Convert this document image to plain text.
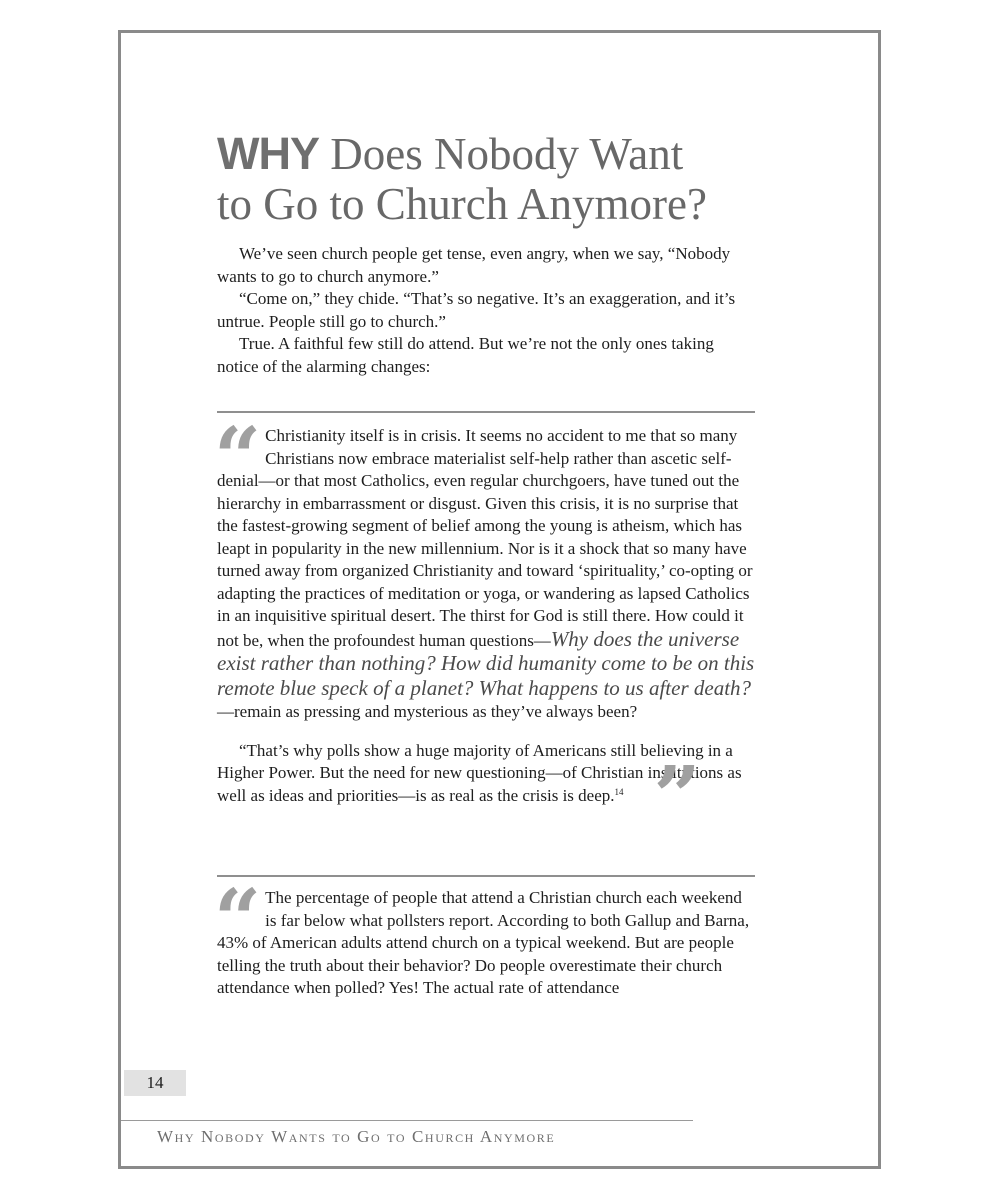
WHY Does Nobody Want
to Go to Church Anymore?

We’ve seen church people get tense, even angry, when we say, “Nobody wants to go to church anymore.”

“Come on,” they chide. “That’s so negative. It’s an exaggeration, and it’s untrue. People still go to church.”

True. A faithful few still do attend. But we’re not the only ones taking notice of the alarming changes:

“ Christianity itself is in crisis. It seems no accident to me that so many Christians now embrace materialist self-help rather than ascetic self-denial—or that most Catholics, even regular churchgoers, have tuned out the hierarchy in embarrassment or disgust. Given this crisis, it is no surprise that the fastest-growing segment of belief among the young is atheism, which has leapt in popularity in the new millennium. Nor is it a shock that so many have turned away from organized Christianity and toward ‘spirituality,’ co-opting or adapting the practices of meditation or yoga, or wandering as lapsed Catholics in an inquisitive spiritual desert. The thirst for God is still there. How could it not be, when the profoundest human questions—Why does the universe exist rather than nothing? How did humanity come to be on this remote blue speck of a planet? What happens to us after death?—remain as pressing and mysterious as they’ve always been?

“That’s why polls show a huge majority of Americans still believing in a Higher Power. But the need for new questioning—of Christian institutions as well as ideas and priorities—is as real as the crisis is deep.$^{14}$ ”

“ The percentage of people that attend a Christian church each weekend is far below what pollsters report. According to both Gallup and Barna, 43% of American adults attend church on a typical weekend. But are people telling the truth about their behavior? Do people overestimate their church attendance when polled? Yes! The actual rate of attendance

14
Why Nobody Wants to Go to Church Anymore
